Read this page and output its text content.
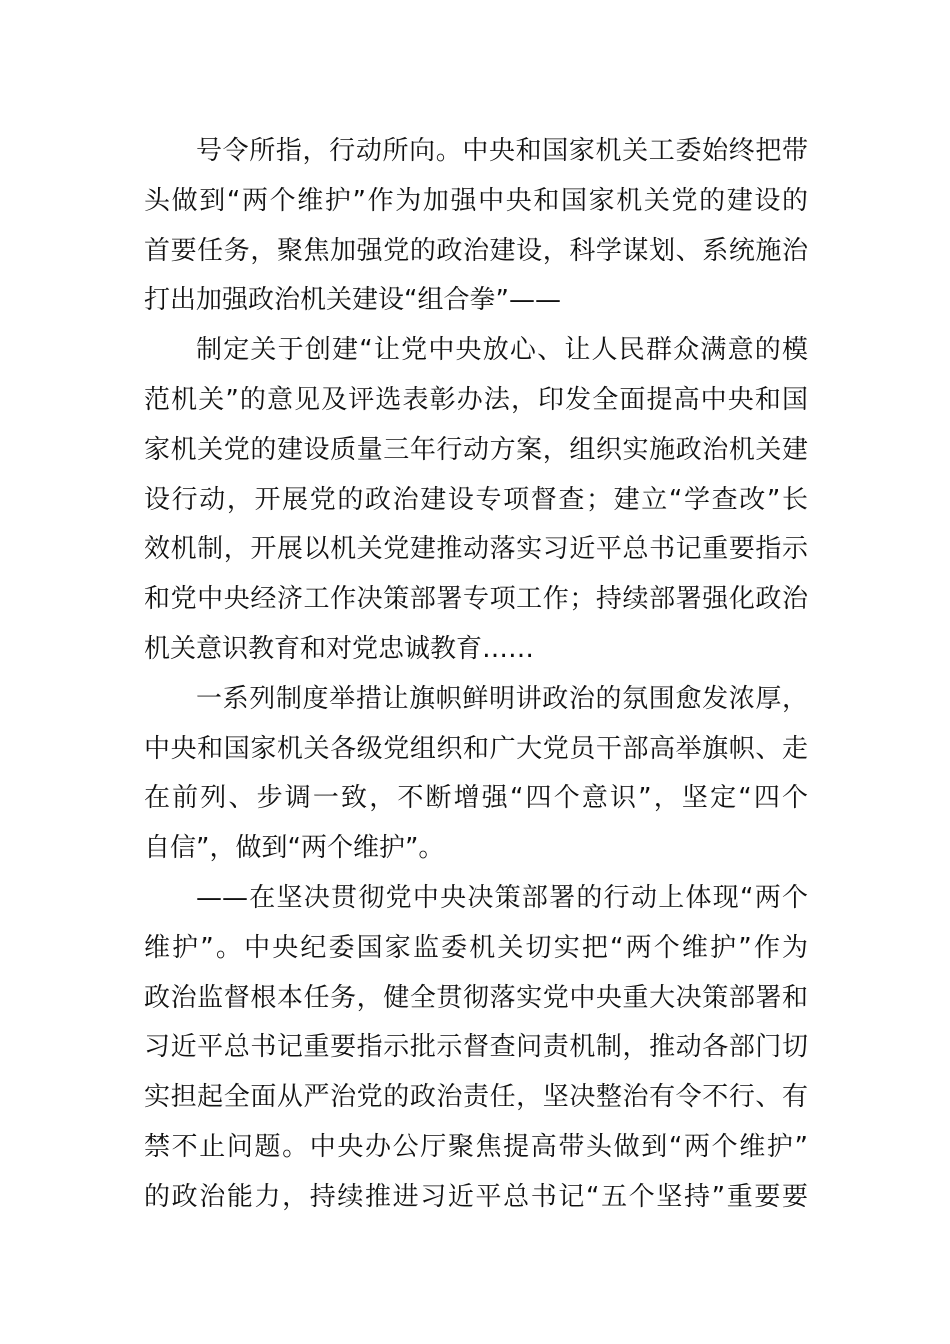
号令所指，行动所向。中央和国家机关工委始终把带
头做到“两个维护”作为加强中央和国家机关党的建设的
首要任务，聚焦加强党的政治建设，科学谋划、系统施治
打出加强政治机关建设“组合拳”——
制定关于创建“让党中央放心、让人民群众满意的模
范机关”的意见及评选表彰办法，印发全面提高中央和国
家机关党的建设质量三年行动方案，组织实施政治机关建
设行动，开展党的政治建设专项督查；建立“学查改”长
效机制，开展以机关党建推动落实习近平总书记重要指示
和党中央经济工作决策部署专项工作；持续部署强化政治
机关意识教育和对党忠诚教育……
一系列制度举措让旗帜鲜明讲政治的氛围愈发浓厚，
中央和国家机关各级党组织和广大党员干部高举旗帜、走
在前列、步调一致，不断增强“四个意识”，坚定“四个
自信”，做到“两个维护”。
——在坚决贯彻党中央决策部署的行动上体现“两个
维护”。中央纪委国家监委机关切实把“两个维护”作为
政治监督根本任务，健全贯彻落实党中央重大决策部署和
习近平总书记重要指示批示督查问责机制，推动各部门切
实担起全面从严治党的政治责任，坚决整治有令不行、有
禁不止问题。中央办公厅聚焦提高带头做到“两个维护”
的政治能力，持续推进习近平总书记“五个坚持”重要要
